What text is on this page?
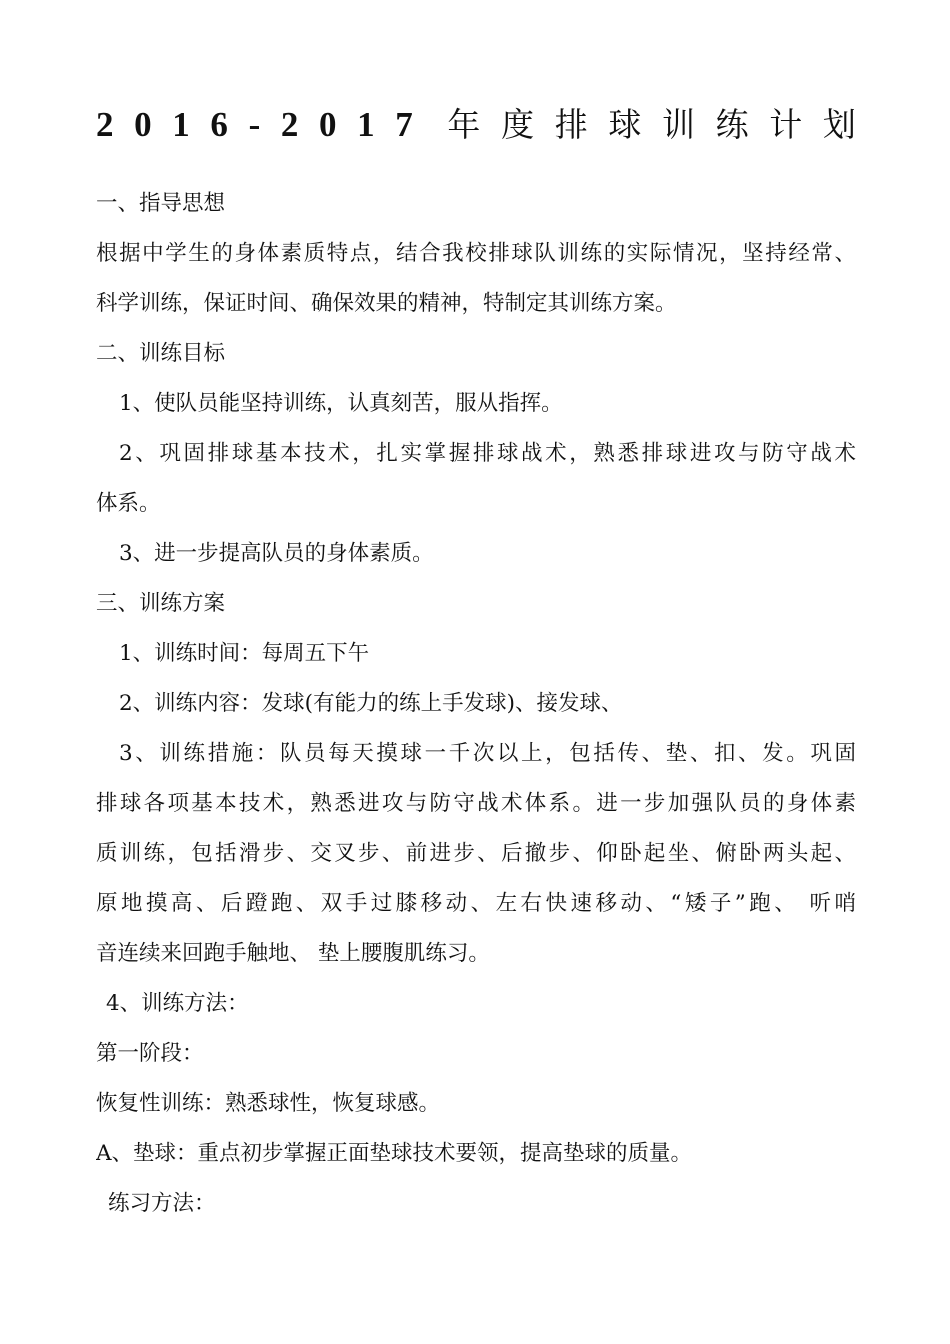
2 0 1 6 - 2 0 1 7 年 度 排 球 训 练 计 划
一、指导思想
根据中学生的身体素质特点，结合我校排球队训练的实际情况，坚持经常、
科学训练，保证时间、确保效果的精神，特制定其训练方案。
二、训练目标
1、使队员能坚持训练，认真刻苦，服从指挥。
2、巩固排球基本技术，扎实掌握排球战术，熟悉排球进攻与防守战术
体系。
3、进一步提高队员的身体素质。
三、训练方案
1、训练时间：每周五下午
2、训练内容：发球(有能力的练上手发球)、接发球、
3、训练措施：队员每天摸球一千次以上，包括传、垫、扣、发。巩固
排球各项基本技术，熟悉进攻与防守战术体系。进一步加强队员的身体素
质训练，包括滑步、交叉步、前进步、后撤步、仰卧起坐、俯卧两头起、
原地摸高、后蹬跑、双手过膝移动、左右快速移动、“矮子”跑、 听哨
音连续来回跑手触地、 垫上腰腹肌练习。
4、训练方法：
第一阶段：
恢复性训练：熟悉球性，恢复球感。
A、垫球：重点初步掌握正面垫球技术要领，提高垫球的质量。
练习方法：
